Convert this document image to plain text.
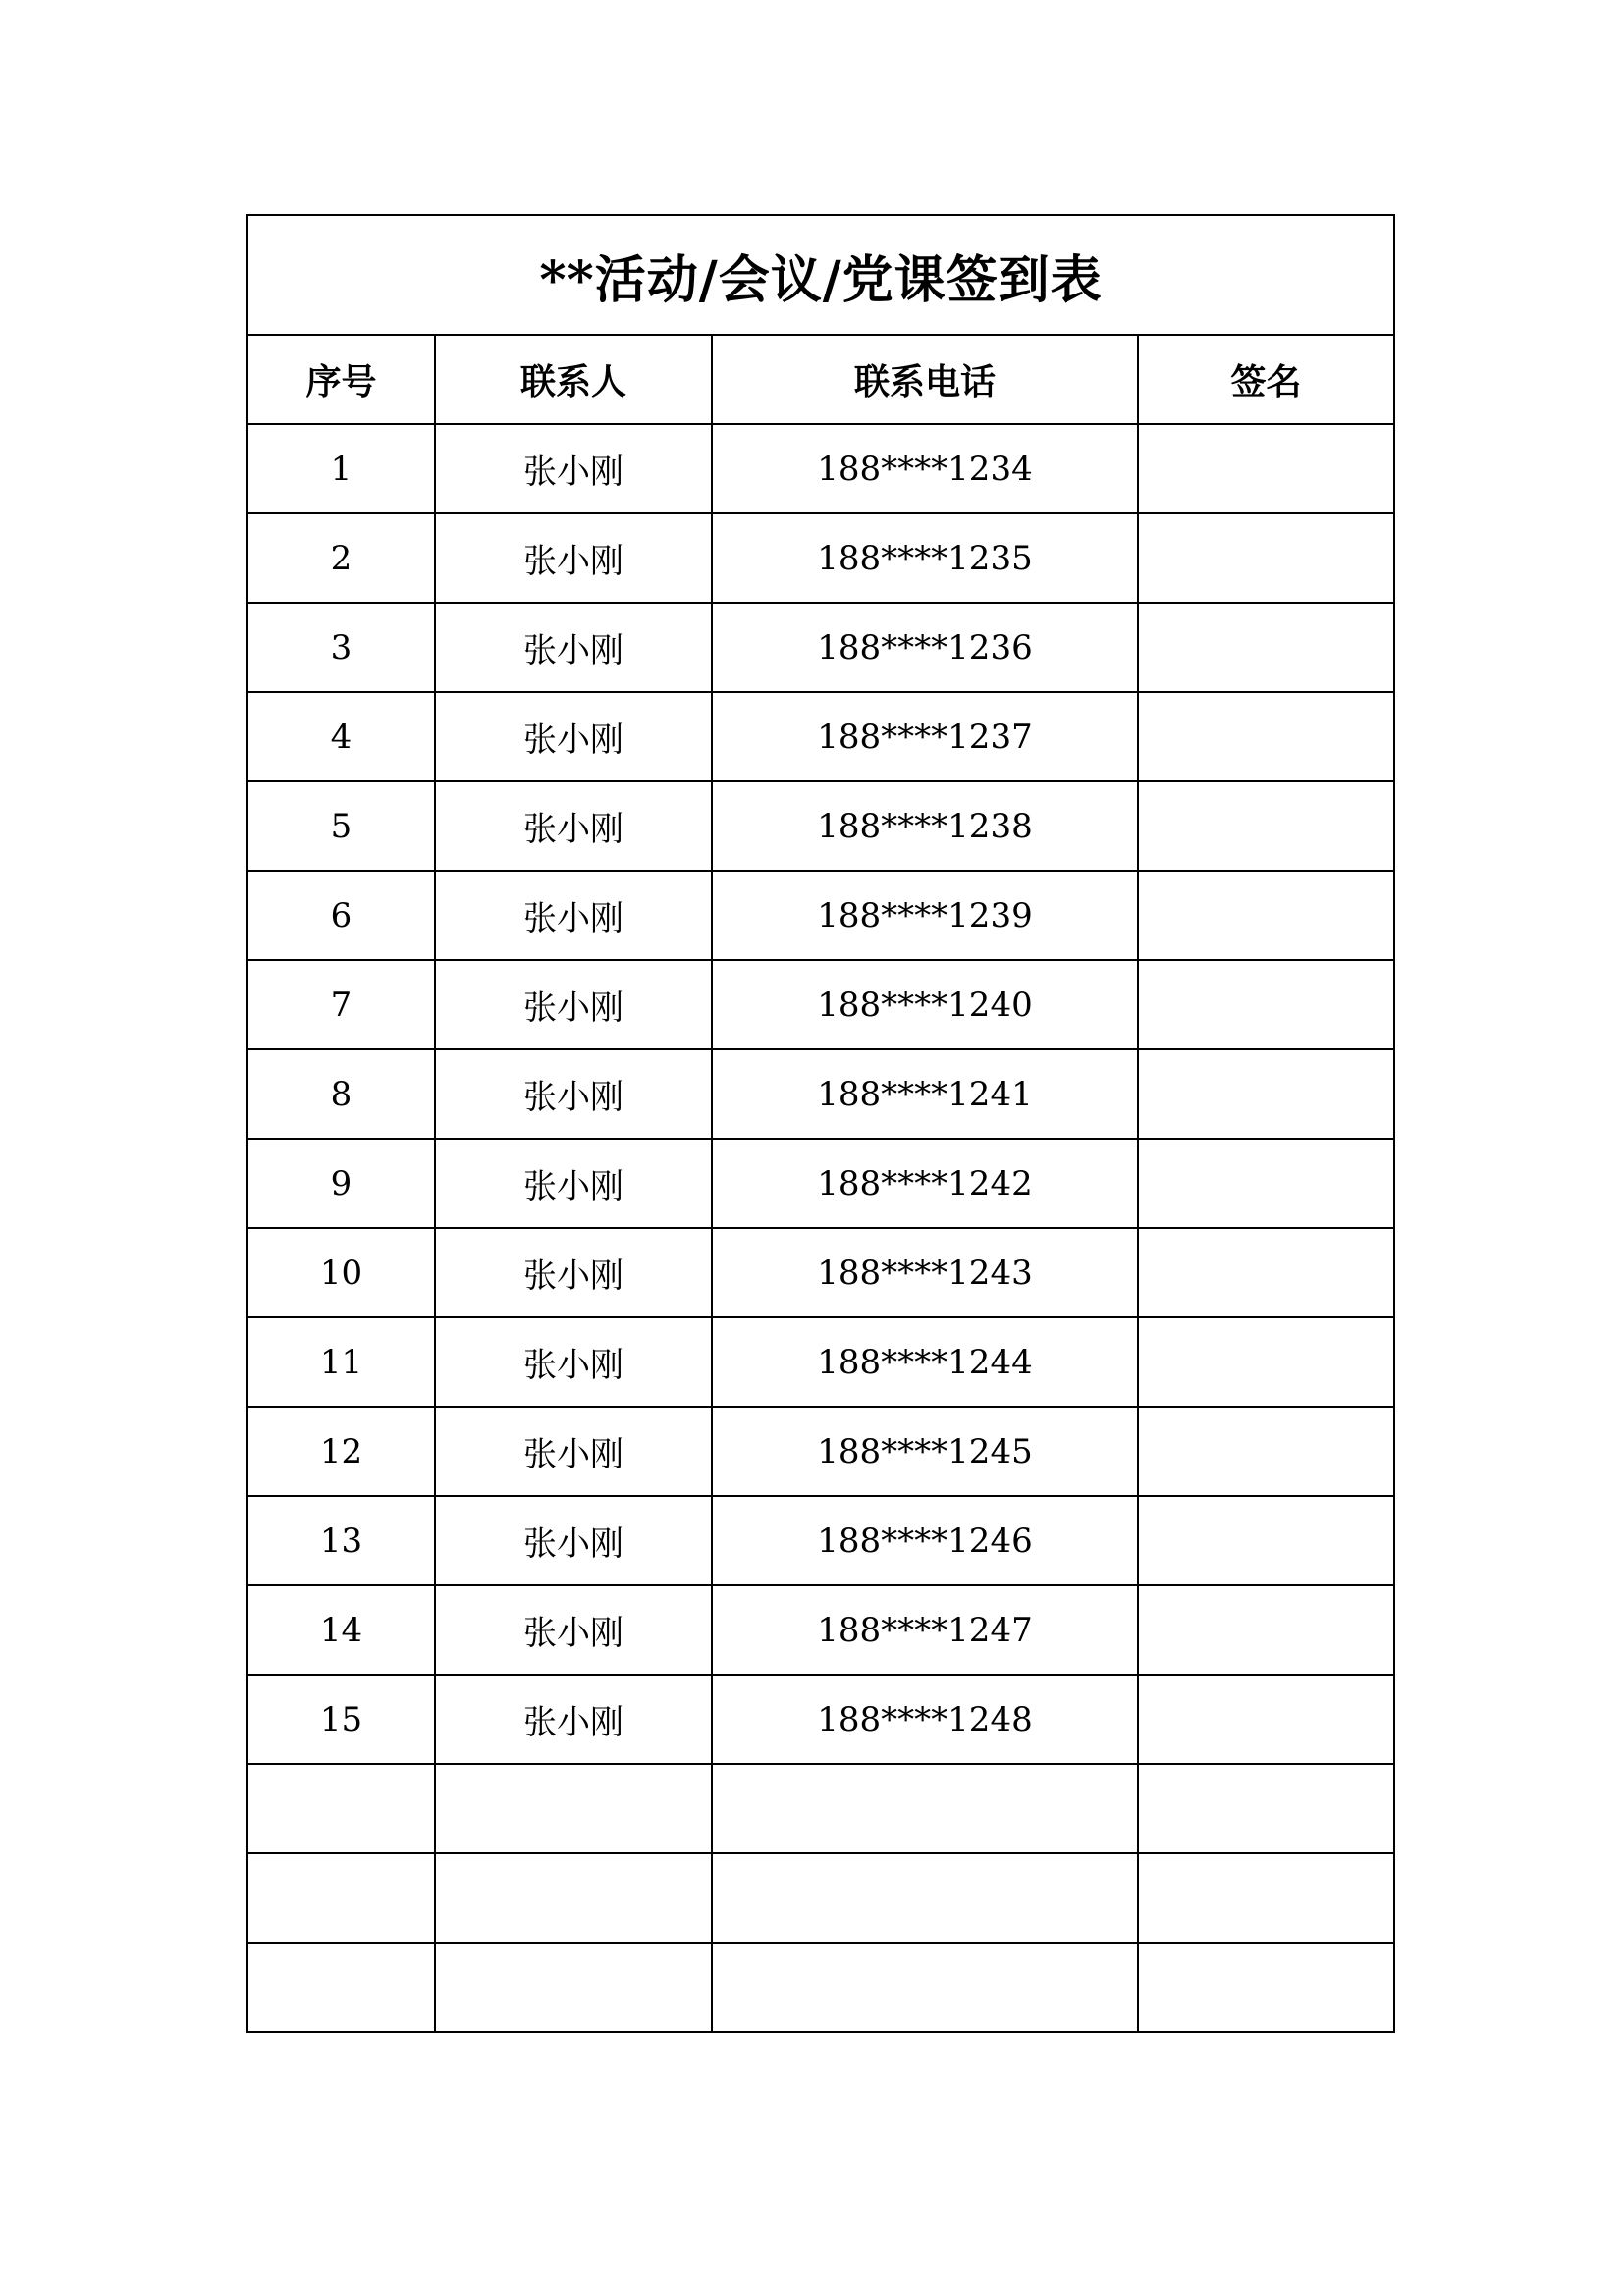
**活动/会议/党课签到表			
序号	联系人	联系电话	签名
1	张小刚	188****1234	
2	张小刚	188****1235	
3	张小刚	188****1236	
4	张小刚	188****1237	
5	张小刚	188****1238	
6	张小刚	188****1239	
7	张小刚	188****1240	
8	张小刚	188****1241	
9	张小刚	188****1242	
10	张小刚	188****1243	
11	张小刚	188****1244	
12	张小刚	188****1245	
13	张小刚	188****1246	
14	张小刚	188****1247	
15	张小刚	188****1248	
